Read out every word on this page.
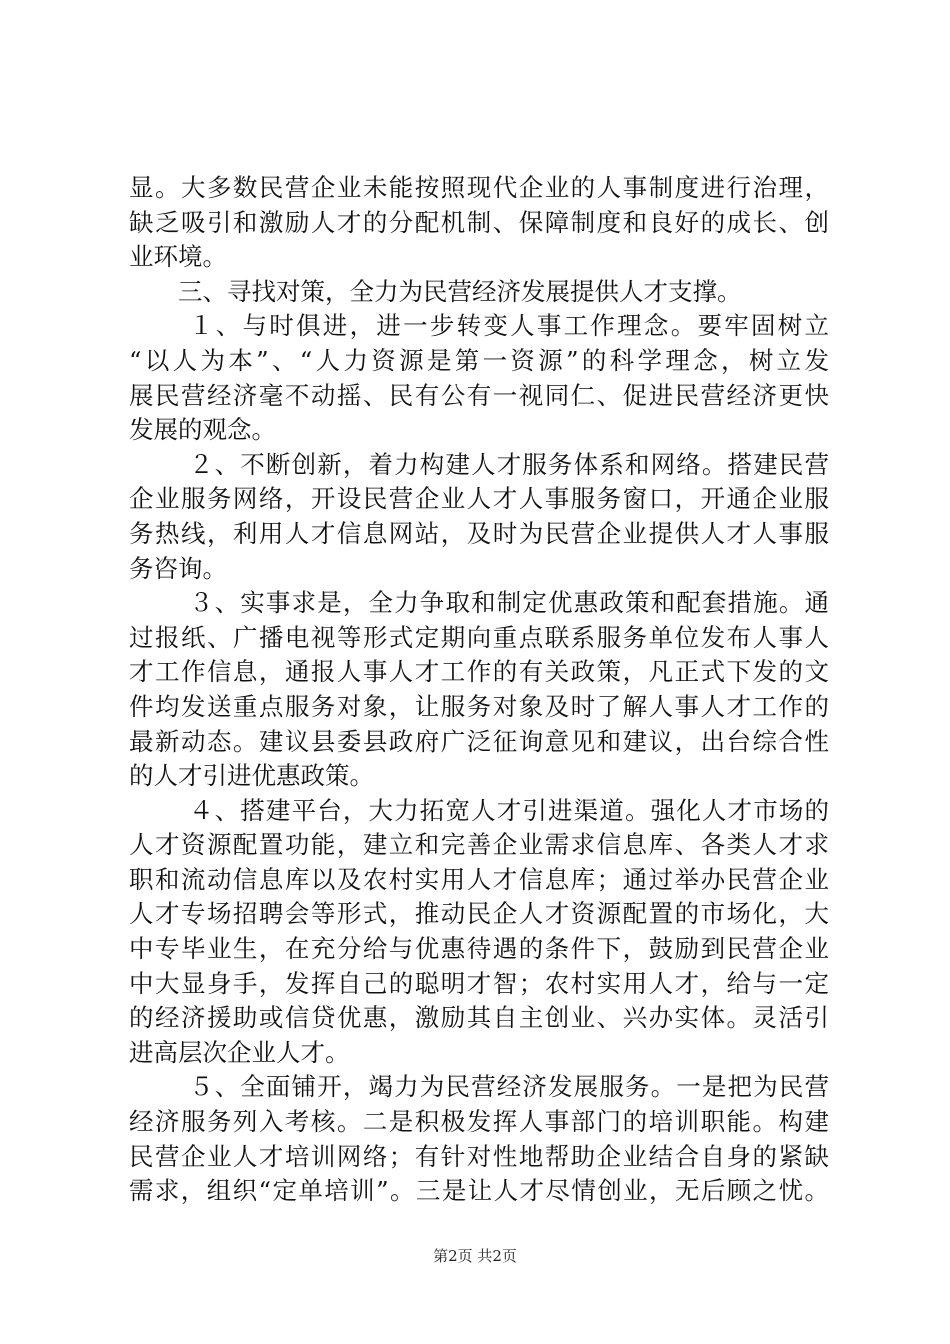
显。大多数民营企业未能按照现代企业的人事制度进行治理，
缺乏吸引和激励人才的分配机制、保障制度和良好的成长、创
业环境。
三、寻找对策，全力为民营经济发展提供人才支撑。
１、与时俱进，进一步转变人事工作理念。要牢固树立
“以人为本”、“人力资源是第一资源”的科学理念，树立发
展民营经济毫不动摇、民有公有一视同仁、促进民营经济更快
发展的观念。
２、不断创新，着力构建人才服务体系和网络。搭建民营
企业服务网络，开设民营企业人才人事服务窗口，开通企业服
务热线，利用人才信息网站，及时为民营企业提供人才人事服
务咨询。
３、实事求是，全力争取和制定优惠政策和配套措施。通
过报纸、广播电视等形式定期向重点联系服务单位发布人事人
才工作信息，通报人事人才工作的有关政策，凡正式下发的文
件均发送重点服务对象，让服务对象及时了解人事人才工作的
最新动态。建议县委县政府广泛征询意见和建议，出台综合性
的人才引进优惠政策。
４、搭建平台，大力拓宽人才引进渠道。强化人才市场的
人才资源配置功能，建立和完善企业需求信息库、各类人才求
职和流动信息库以及农村实用人才信息库；通过举办民营企业
人才专场招聘会等形式，推动民企人才资源配置的市场化，大
中专毕业生，在充分给与优惠待遇的条件下，鼓励到民营企业
中大显身手，发挥自己的聪明才智；农村实用人才，给与一定
的经济援助或信贷优惠，激励其自主创业、兴办实体。灵活引
进高层次企业人才。
５、全面铺开，竭力为民营经济发展服务。一是把为民营
经济服务列入考核。二是积极发挥人事部门的培训职能。构建
民营企业人才培训网络；有针对性地帮助企业结合自身的紧缺
需求，组织“定单培训”。三是让人才尽情创业，无后顾之忧。
第2页 共2页
